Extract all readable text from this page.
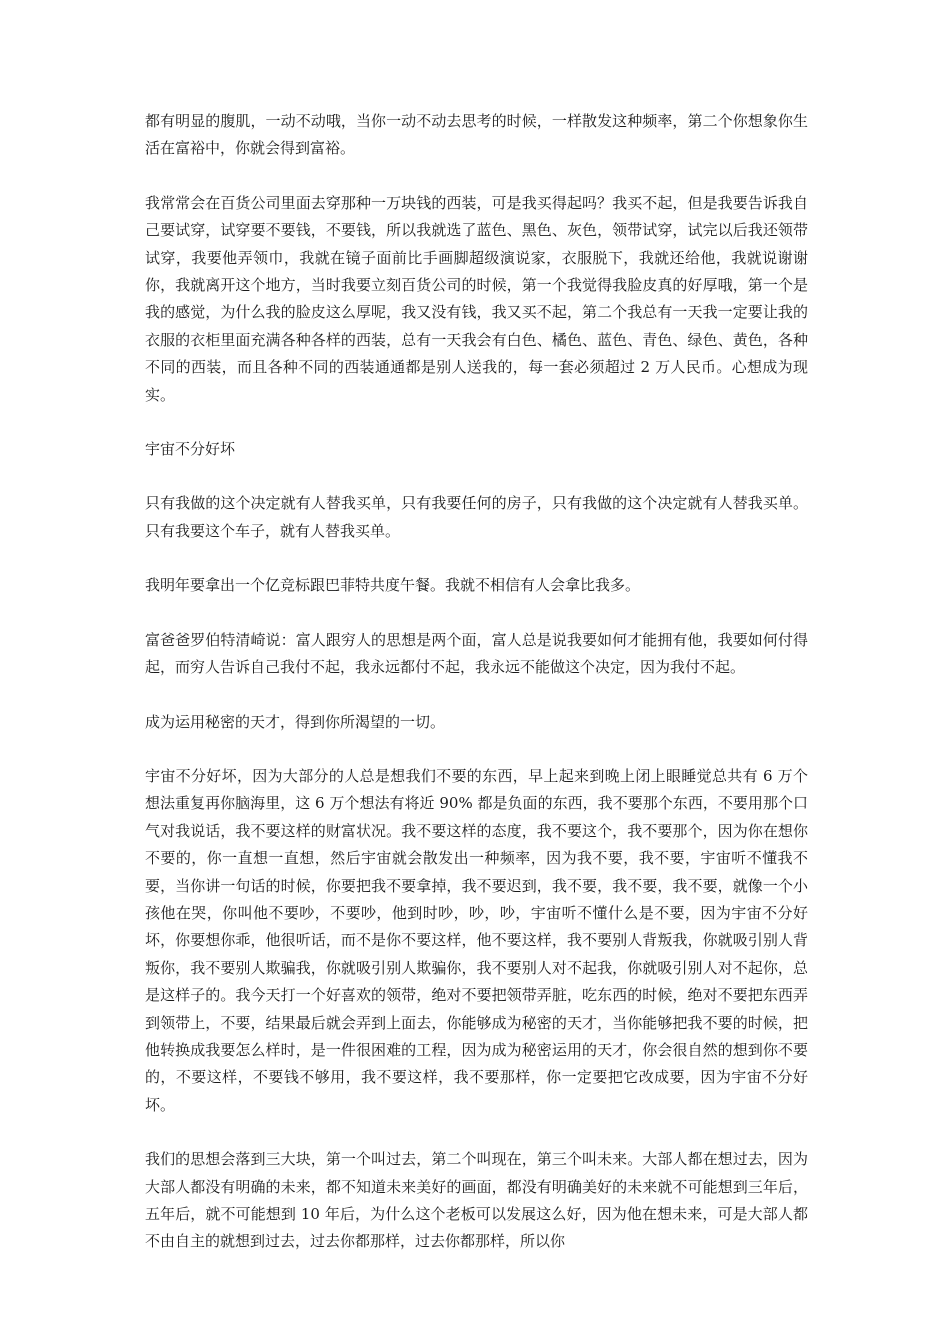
都有明显的腹肌，一动不动哦，当你一动不动去思考的时候，一样散发这种频率，第二个你想象你生活在富裕中，你就会得到富裕。

我常常会在百货公司里面去穿那种一万块钱的西装，可是我买得起吗？我买不起，但是我要告诉我自己要试穿，试穿要不要钱，不要钱，所以我就选了蓝色、黑色、灰色，领带试穿，试完以后我还领带试穿，我要他弄领巾，我就在镜子面前比手画脚超级演说家，衣服脱下，我就还给他，我就说谢谢你，我就离开这个地方，当时我要立刻百货公司的时候，第一个我觉得我脸皮真的好厚哦，第一个是我的感觉，为什么我的脸皮这么厚呢，我又没有钱，我又买不起，第二个我总有一天我一定要让我的衣服的衣柜里面充满各种各样的西装，总有一天我会有白色、橘色、蓝色、青色、绿色、黄色，各种不同的西装，而且各种不同的西装通通都是别人送我的，每一套必须超过 2 万人民币。心想成为现实。

宇宙不分好坏

只有我做的这个决定就有人替我买单，只有我要任何的房子，只有我做的这个决定就有人替我买单。只有我要这个车子，就有人替我买单。

我明年要拿出一个亿竞标跟巴菲特共度午餐。我就不相信有人会拿比我多。

富爸爸罗伯特清崎说：富人跟穷人的思想是两个面，富人总是说我要如何才能拥有他，我要如何付得起，而穷人告诉自己我付不起，我永远都付不起，我永远不能做这个决定，因为我付不起。

成为运用秘密的天才，得到你所渴望的一切。

宇宙不分好坏，因为大部分的人总是想我们不要的东西，早上起来到晚上闭上眼睡觉总共有 6 万个想法重复再你脑海里，这 6 万个想法有将近 90% 都是负面的东西，我不要那个东西，不要用那个口气对我说话，我不要这样的财富状况。我不要这样的态度，我不要这个，我不要那个，因为你在想你不要的，你一直想一直想，然后宇宙就会散发出一种频率，因为我不要，我不要，宇宙听不懂我不要，当你讲一句话的时候，你要把我不要拿掉，我不要迟到，我不要，我不要，我不要，就像一个小孩他在哭，你叫他不要吵，不要吵，他到时吵，吵，吵，宇宙听不懂什么是不要，因为宇宙不分好坏，你要想你乖，他很听话，而不是你不要这样，他不要这样，我不要别人背叛我，你就吸引别人背叛你，我不要别人欺骗我，你就吸引别人欺骗你，我不要别人对不起我，你就吸引别人对不起你，总是这样子的。我今天打一个好喜欢的领带，绝对不要把领带弄脏，吃东西的时候，绝对不要把东西弄到领带上，不要，结果最后就会弄到上面去，你能够成为秘密的天才，当你能够把我不要的时候，把他转换成我要怎么样时，是一件很困难的工程，因为成为秘密运用的天才，你会很自然的想到你不要的，不要这样，不要钱不够用，我不要这样，我不要那样，你一定要把它改成要，因为宇宙不分好坏。

我们的思想会落到三大块，第一个叫过去，第二个叫现在，第三个叫未来。大部人都在想过去，因为大部人都没有明确的未来，都不知道未来美好的画面，都没有明确美好的未来就不可能想到三年后，五年后，就不可能想到 10 年后，为什么这个老板可以发展这么好，因为他在想未来，可是大部人都不由自主的就想到过去，过去你都那样，过去你都那样，所以你
